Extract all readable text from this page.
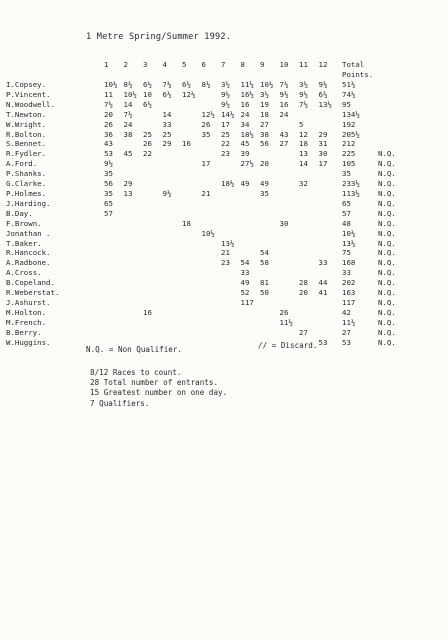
1 Metre Spring/Summer 1992.
	1	2	3	4	5	6	7	8	9	10	11	12	Total
Points.	

I.Copsey.	10½	8½	6½	7½	6½	8½	3½	11½	10½	7½	3½	9½	51½	
P.Vincent.	11	10½	10	6½	12½		9½	16½	3½	9½	9½	6½	74½	
N.Woodwell.	7½	14	6½				9½	16	19	16	7½	13½	95	
T.Newton.	20	7½		14		12½	14½	24	18	24			134½	
W.Wright.	26	24		33		26	17	34	27		5		192	
R.Bolton.	36	38	25	25		35	25	18½	38	43	12	29	205½	
S.Bennet.	43		26	29	16		22	45	56	27	18	31	212	
R.Fydler.	53	45	22				23	39			13	30	225	N.Q.
A.Ford.	9½					17		27½	20		14	17	105	N.Q.
P.Shanks.	35												35	N.Q.
G.Clarke.	56	29					18½	49	49		32		233½	N.Q.
P.Holmes.	35	13		9½		21			35				113½	N.Q.
J.Harding.	65												65	N.Q.
B.Day.	57												57	N.Q.
F.Brown.					18					30			48	N.Q.
Jonathan .						10½							10½	N.Q.
T.Baker.							13½						13½	N.Q.
R.Hancock.							21		54				75	N.Q.
A.Radbone.							23	54	58			33	168	N.Q.
A.Cross.								33					33	N.Q.
B.Copeland.								49	81		28	44	202	N.Q.
R.Weberstat.								52	50		20	41	163	N.Q.
J.Ashurst.								117					117	N.Q.
M.Holton.			16							26			42	N.Q.
M.French.										11½			11½	N.Q.
B.Berry.											27		27	N.Q.
W.Huggins.												53	53	N.Q.
N.Q. = Non Qualifier.	// = Discard.
8/12 Races to count.
28 Total number of entrants.
15 Greatest number on one day.
7 Qualifiers.
